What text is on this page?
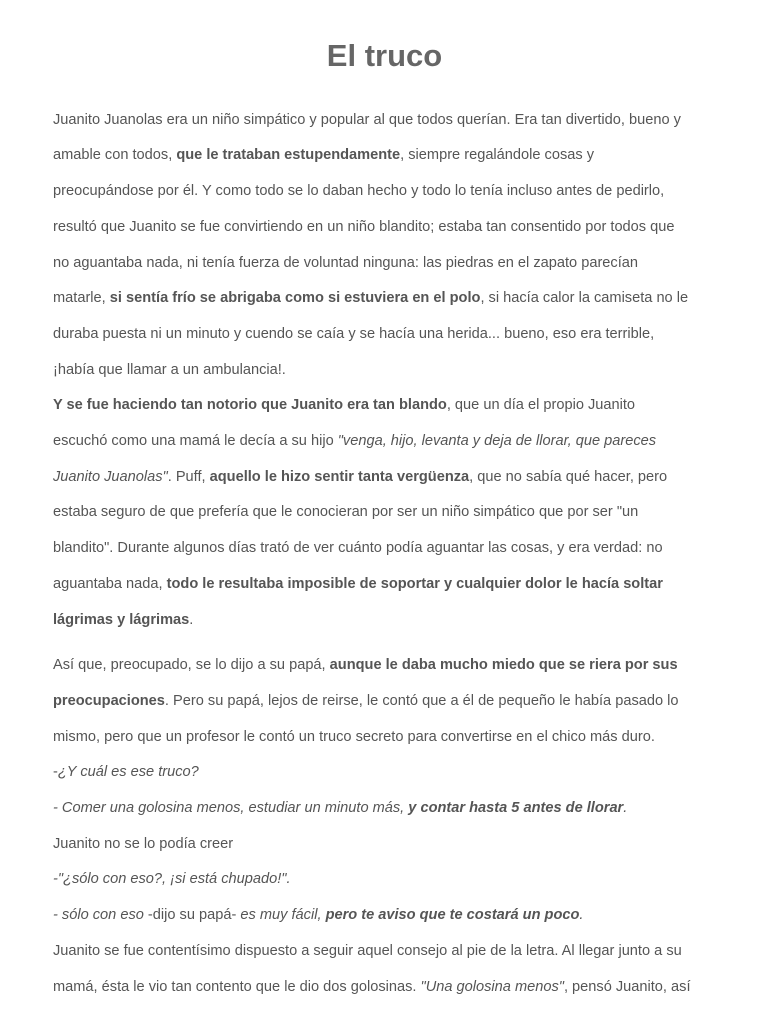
El truco
Juanito Juanolas era un niño simpático y popular al que todos querían. Era tan divertido, bueno y
amable con todos, que le trataban estupendamente, siempre regalándole cosas y
preocupándose por él. Y como todo se lo daban hecho y todo lo tenía incluso antes de pedirlo,
resultó que Juanito se fue convirtiendo en un niño blandito; estaba tan consentido por todos que
no aguantaba nada, ni tenía fuerza de voluntad ninguna: las piedras en el zapato parecían
matarle, si sentía frío se abrigaba como si estuviera en el polo, si hacía calor la camiseta no le
duraba puesta ni un minuto y cuendo se caía y se hacía una herida... bueno, eso era terrible,
¡había que llamar a un ambulancia!.
Y se fue haciendo tan notorio que Juanito era tan blando, que un día el propio Juanito
escuchó como una mamá le decía a su hijo "venga, hijo, levanta y deja de llorar, que pareces
Juanito Juanolas". Puff, aquello le hizo sentir tanta vergüenza, que no sabía qué hacer, pero
estaba seguro de que prefería que le conocieran por ser un niño simpático que por ser "un
blandito". Durante algunos días trató de ver cuánto podía aguantar las cosas, y era verdad: no
aguantaba nada, todo le resultaba imposible de soportar y cualquier dolor le hacía soltar
lágrimas y lágrimas.
Así que, preocupado, se lo dijo a su papá, aunque le daba mucho miedo que se riera por sus
preocupaciones. Pero su papá, lejos de reirse, le contó que a él de pequeño le había pasado lo
mismo, pero que un profesor le contó un truco secreto para convertirse en el chico más duro.
-¿Y cuál es ese truco?
- Comer una golosina menos, estudiar un minuto más, y contar hasta 5 antes de llorar.
Juanito no se lo podía creer
-"¿sólo con eso?, ¡si está chupado!".
- sólo con eso -dijo su papá- es muy fácil, pero te aviso que te costará un poco.
Juanito se fue contentísimo dispuesto a seguir aquel consejo al pie de la letra. Al llegar junto a su
mamá, ésta le vio tan contento que le dio dos golosinas. "Una golosina menos", pensó Juanito, así
